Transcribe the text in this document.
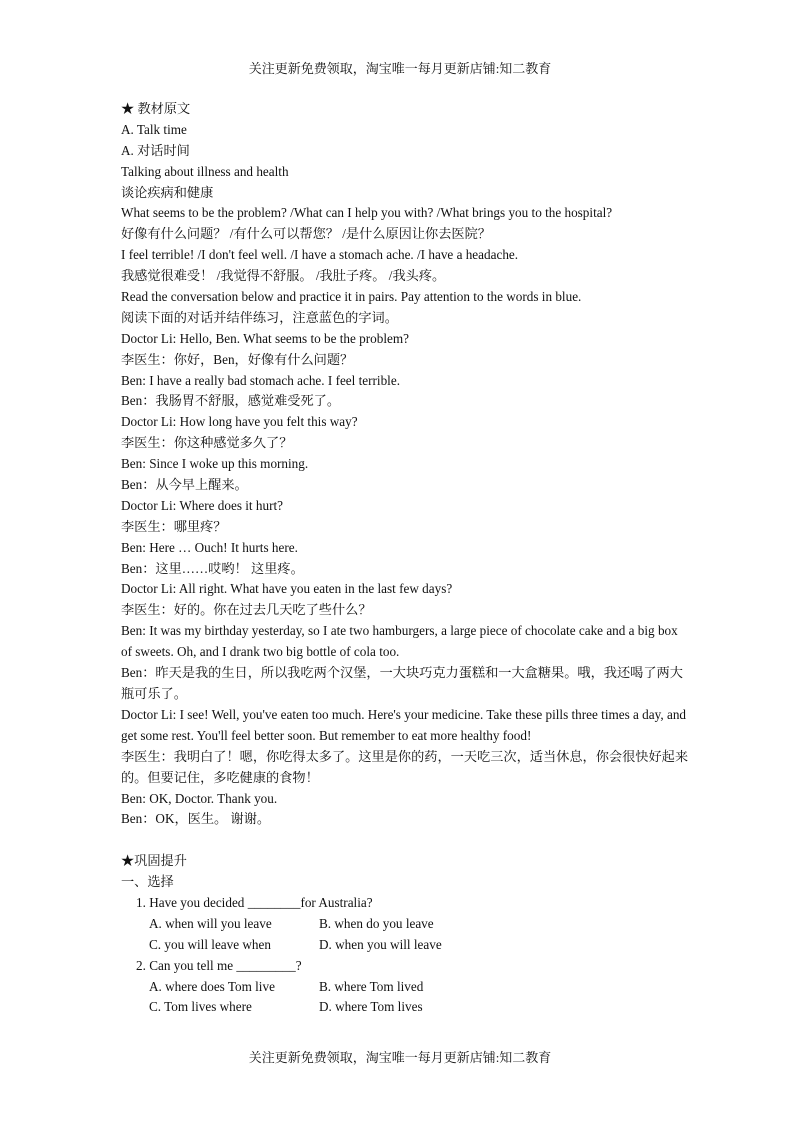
关注更新免费领取，淘宝唯一每月更新店铺:知二教育
★ 教材原文
A. Talk time
A. 对话时间
Talking about illness and health
谈论疾病和健康
What seems to be the problem? /What can I help you with? /What brings you to the hospital?
好像有什么问题？ /有什么可以帮您？ /是什么原因让你去医院？
I feel terrible! /I don't feel well. /I have a stomach ache. /I have a headache.
我感觉很难受！ /我觉得不舒服。 /我肚子疼。 /我头疼。
Read the conversation below and practice it in pairs. Pay attention to the words in blue.
阅读下面的对话并结伴练习，注意蓝色的字词。
Doctor Li: Hello, Ben. What seems to be the problem?
李医生：你好，Ben，好像有什么问题？
Ben: I have a really bad stomach ache. I feel terrible.
Ben：我肠胃不舒服，感觉难受死了。
Doctor Li: How long have you felt this way?
李医生：你这种感觉多久了？
Ben: Since I woke up this morning.
Ben：从今早上醒来。
Doctor Li: Where does it hurt?
李医生：哪里疼？
Ben: Here … Ouch! It hurts here.
Ben：这里……哎哟！ 这里疼。
Doctor Li: All right. What have you eaten in the last few days?
李医生：好的。你在过去几天吃了些什么？
Ben: It was my birthday yesterday, so I ate two hamburgers, a large piece of chocolate cake and a big box of sweets. Oh, and I drank two big bottle of cola too.
Ben：昨天是我的生日，所以我吃两个汉堡，一大块巧克力蛋糕和一大盒糖果。哦，我还喝了两大瓶可乐了。
Doctor Li: I see! Well, you've eaten too much. Here's your medicine. Take these pills three times a day, and get some rest. You'll feel better soon. But remember to eat more healthy food!
李医生：我明白了！嗯，你吃得太多了。这里是你的药，一天吃三次，适当休息，你会很快好起来的。但要记住，多吃健康的食物！
Ben: OK, Doctor. Thank you.
Ben：OK，医生。 谢谢。
★巩固提升
一、选择
1. Have you decided ________for Australia?
A. when will you leave	B. when do you leave
C. you will leave when	D. when you will leave
2. Can you tell me _________?
A. where does Tom live	B. where Tom lived
C. Tom lives where	D. where Tom lives
关注更新免费领取，淘宝唯一每月更新店铺:知二教育
